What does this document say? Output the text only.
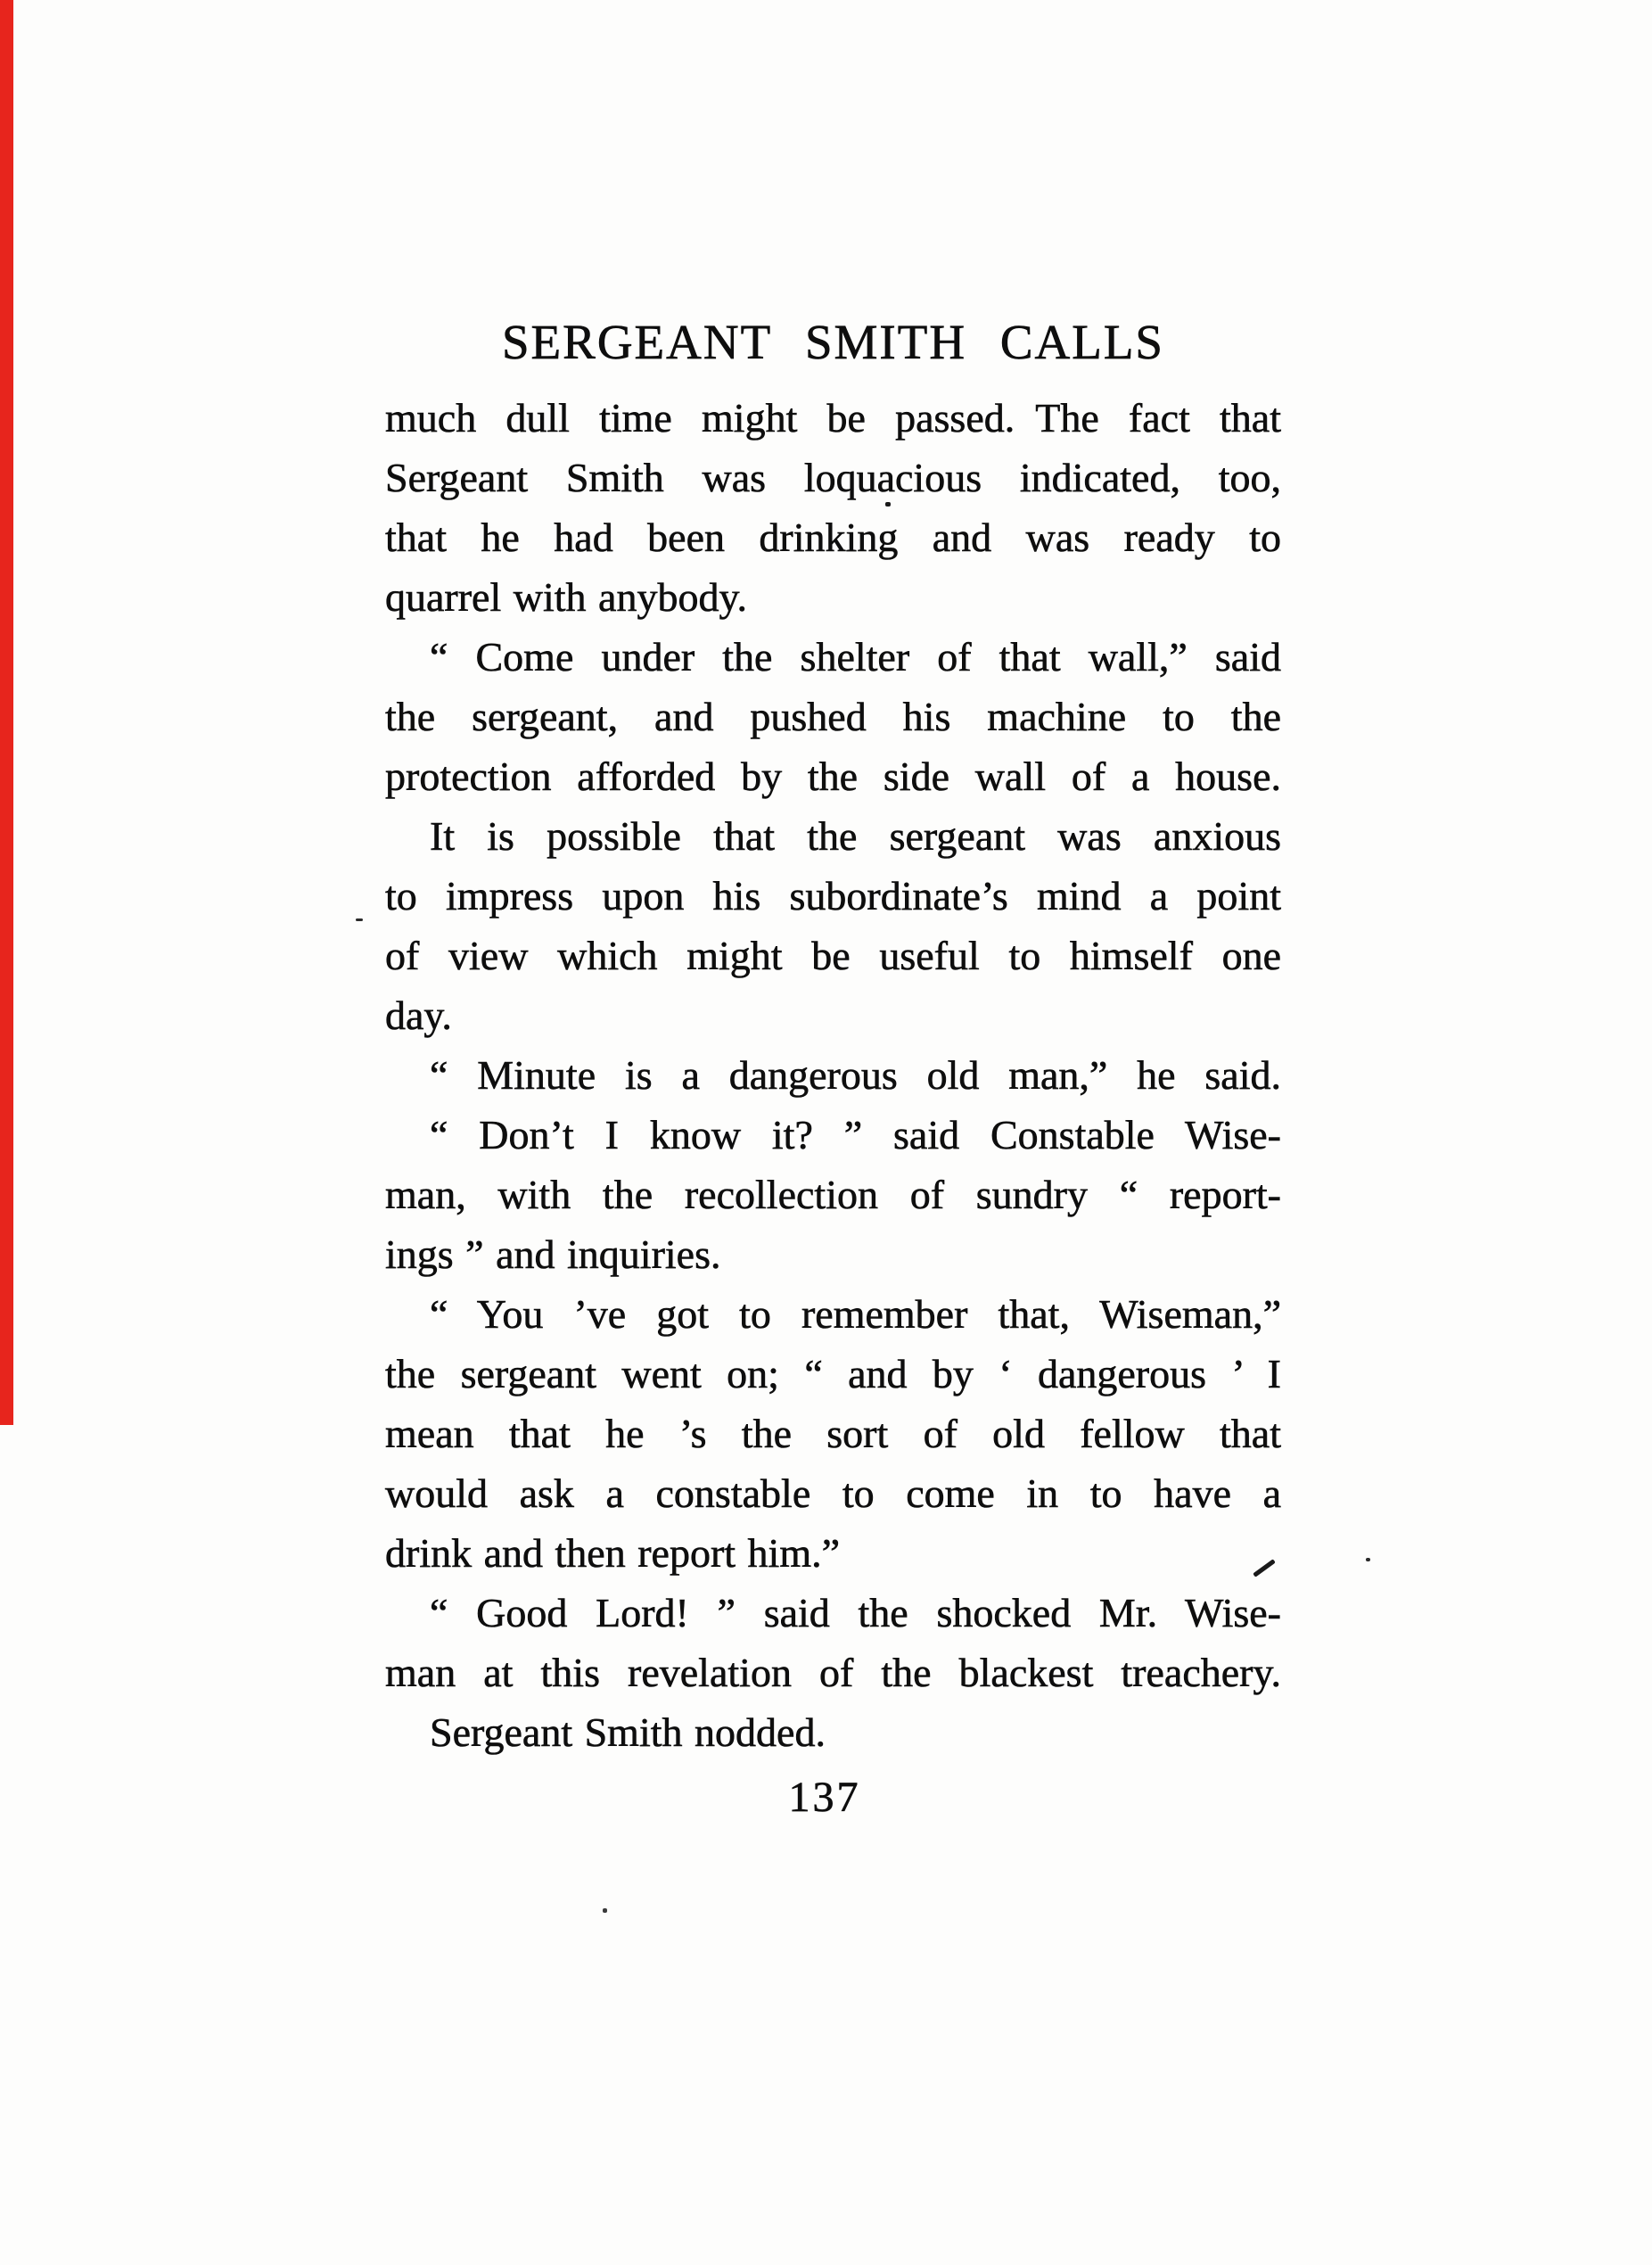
SERGEANT SMITH CALLS
much dull time might be passed. The fact that
Sergeant Smith was loquacious indicated, too,
that he had been drinking and was ready to
quarrel with anybody.
“ Come under the shelter of that wall,” said
the sergeant, and pushed his machine to the
protection afforded by the side wall of a house.
It is possible that the sergeant was anxious
to impress upon his subordinate’s mind a point
of view which might be useful to himself one
day.
“ Minute is a dangerous old man,” he said.
“ Don’t I know it? ” said Constable Wise-
man, with the recollection of sundry “ report-
ings ” and inquiries.
“ You ’ve got to remember that, Wiseman,”
the sergeant went on; “ and by ‘ dangerous ’ I
mean that he ’s the sort of old fellow that
would ask a constable to come in to have a
drink and then report him.”
“ Good Lord! ” said the shocked Mr. Wise-
man at this revelation of the blackest treachery.
Sergeant Smith nodded.
137
